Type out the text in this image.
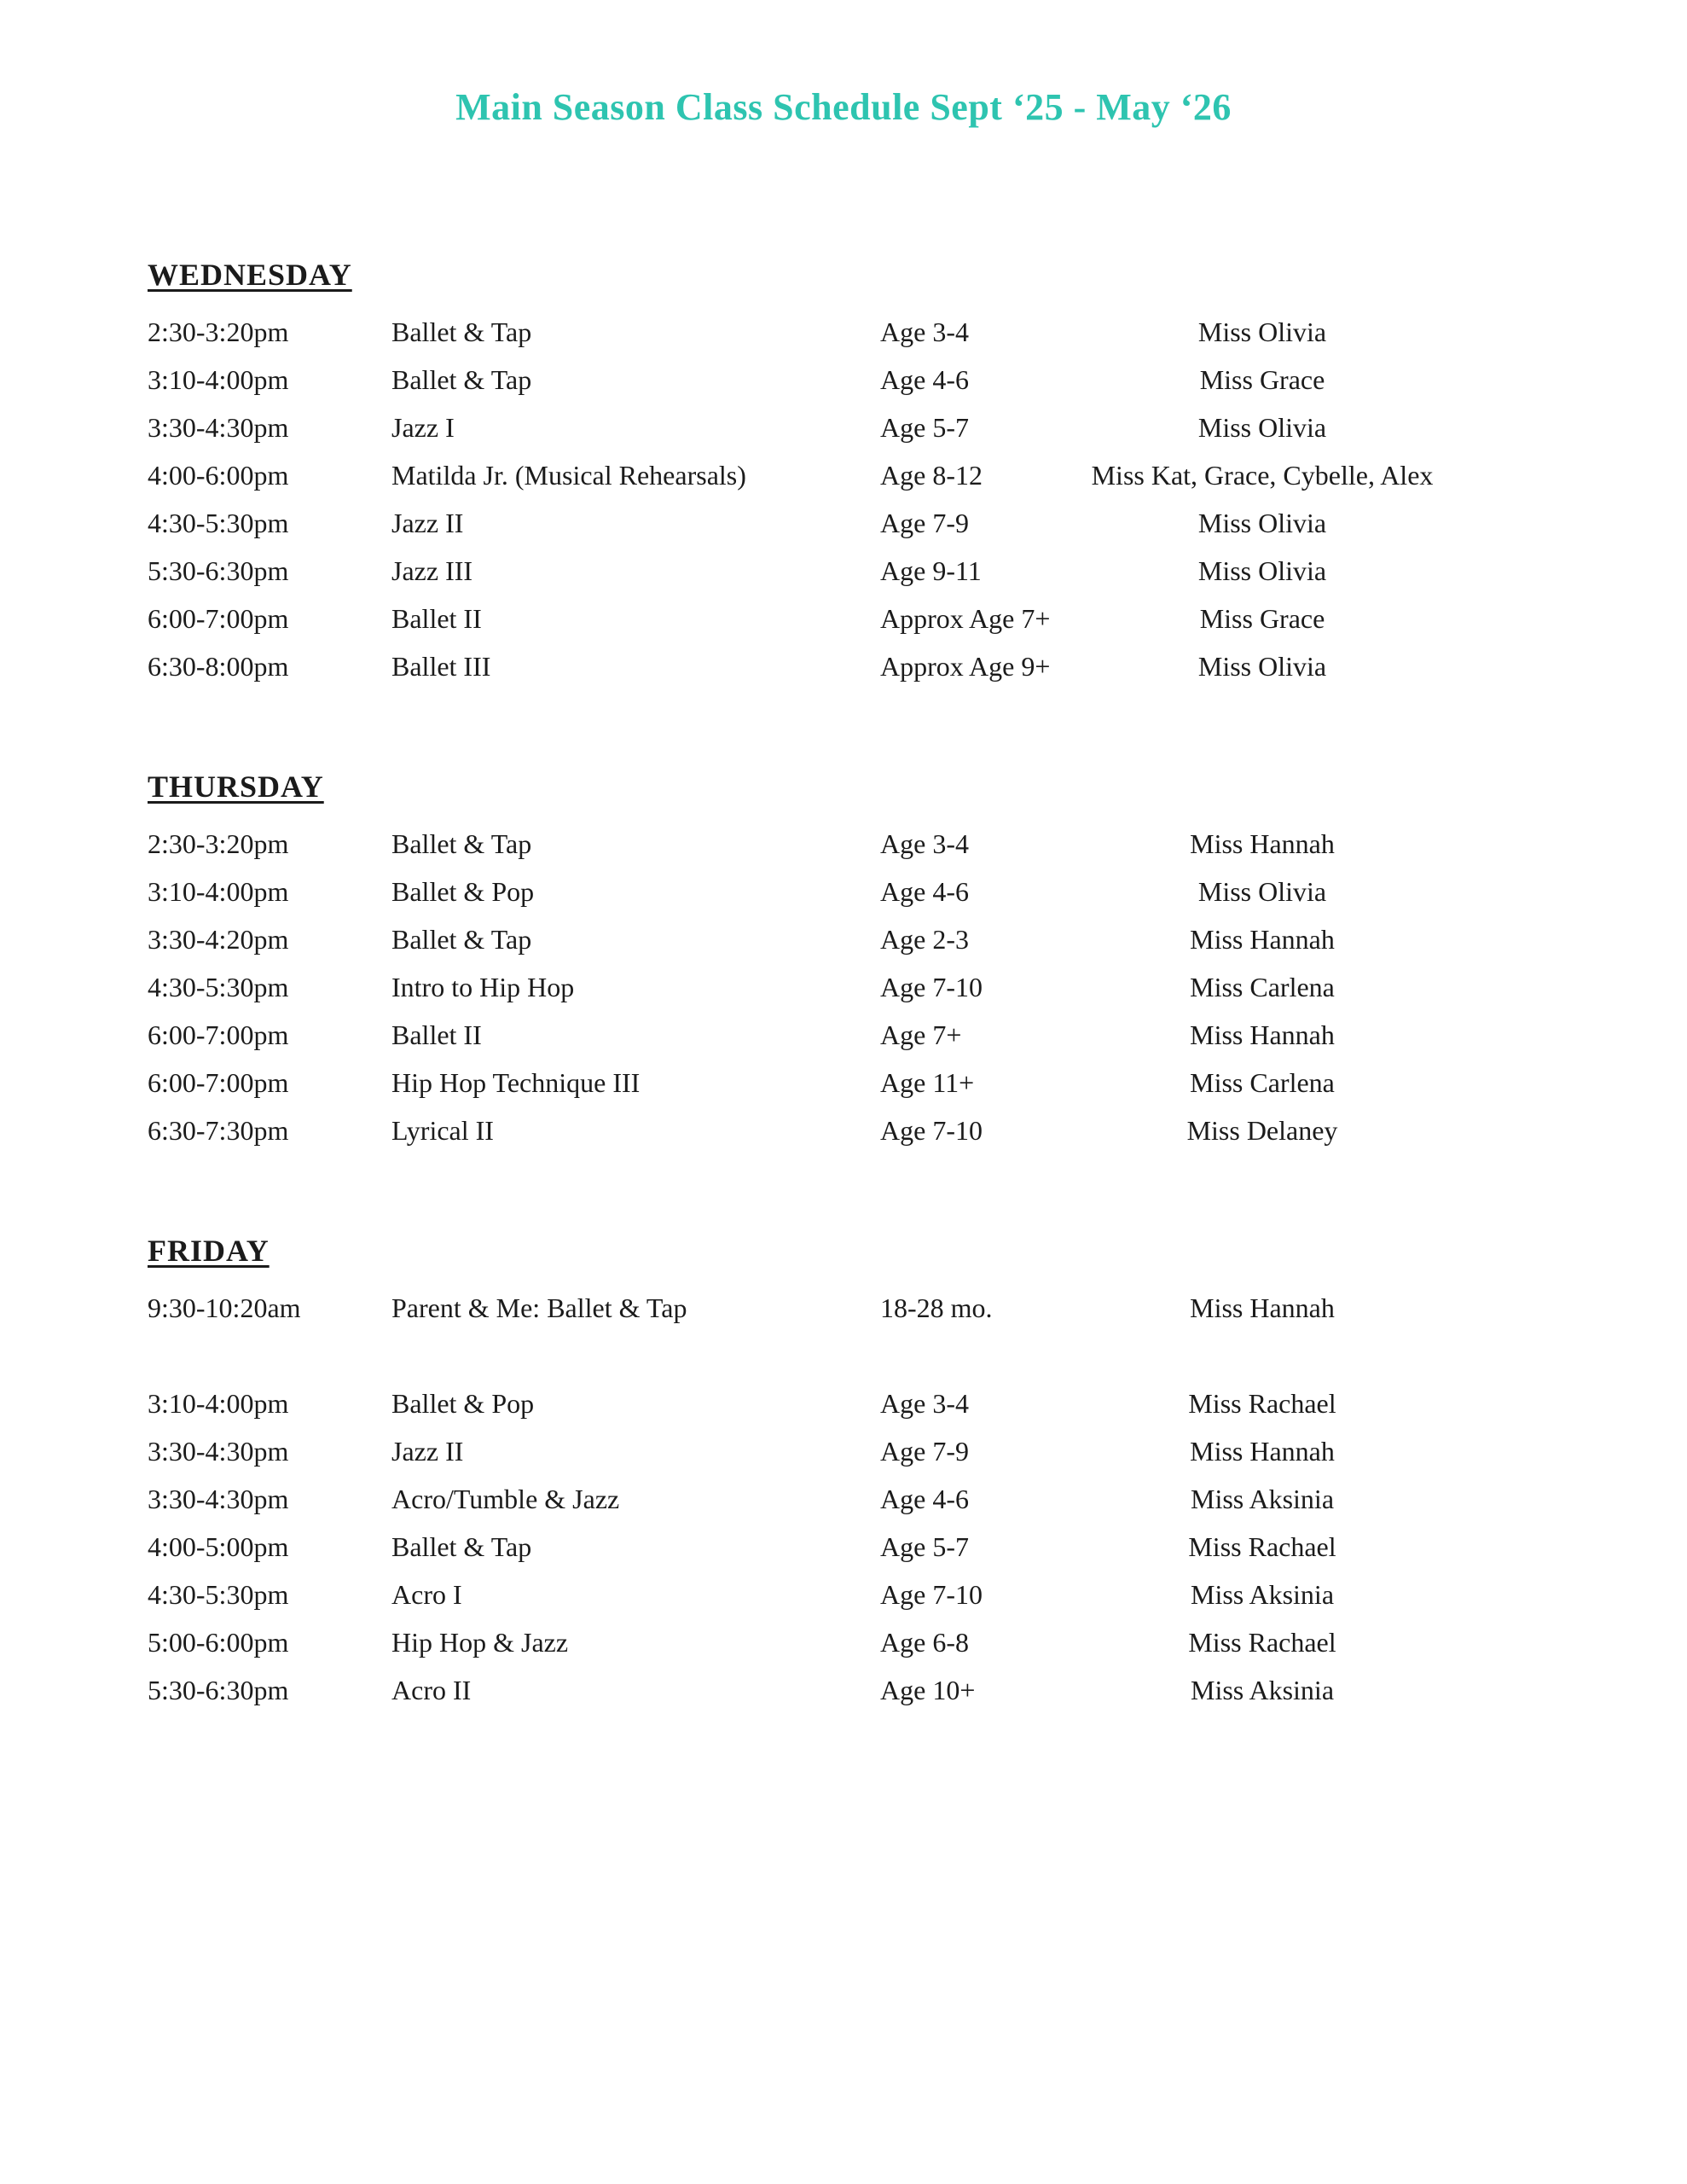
Main Season Class Schedule Sept ‘25 - May ‘26
WEDNESDAY
2:30-3:20pm	Ballet & Tap	Age 3-4	Miss Olivia
3:10-4:00pm	Ballet & Tap	Age 4-6	Miss Grace
3:30-4:30pm	Jazz I	Age 5-7	Miss Olivia
4:00-6:00pm	Matilda Jr. (Musical Rehearsals)	Age 8-12	Miss Kat, Grace, Cybelle, Alex
4:30-5:30pm	Jazz II	Age 7-9	Miss Olivia
5:30-6:30pm	Jazz III	Age 9-11	Miss Olivia
6:00-7:00pm	Ballet II	Approx Age 7+	Miss Grace
6:30-8:00pm	Ballet III	Approx Age 9+	Miss Olivia
THURSDAY
2:30-3:20pm	Ballet & Tap	Age 3-4	Miss Hannah
3:10-4:00pm	Ballet & Pop	Age 4-6	Miss Olivia
3:30-4:20pm	Ballet & Tap	Age 2-3	Miss Hannah
4:30-5:30pm	Intro to Hip Hop	Age 7-10	Miss Carlena
6:00-7:00pm	Ballet II	Age 7+	Miss Hannah
6:00-7:00pm	Hip Hop Technique III	Age 11+	Miss Carlena
6:30-7:30pm	Lyrical II	Age 7-10	Miss Delaney
FRIDAY
9:30-10:20am	Parent & Me: Ballet & Tap	18-28 mo.	Miss Hannah
3:10-4:00pm	Ballet & Pop	Age 3-4	Miss Rachael
3:30-4:30pm	Jazz II	Age 7-9	Miss Hannah
3:30-4:30pm	Acro/Tumble & Jazz	Age 4-6	Miss Aksinia
4:00-5:00pm	Ballet & Tap	Age 5-7	Miss Rachael
4:30-5:30pm	Acro I	Age 7-10	Miss Aksinia
5:00-6:00pm	Hip Hop & Jazz	Age 6-8	Miss Rachael
5:30-6:30pm	Acro II	Age 10+	Miss Aksinia
